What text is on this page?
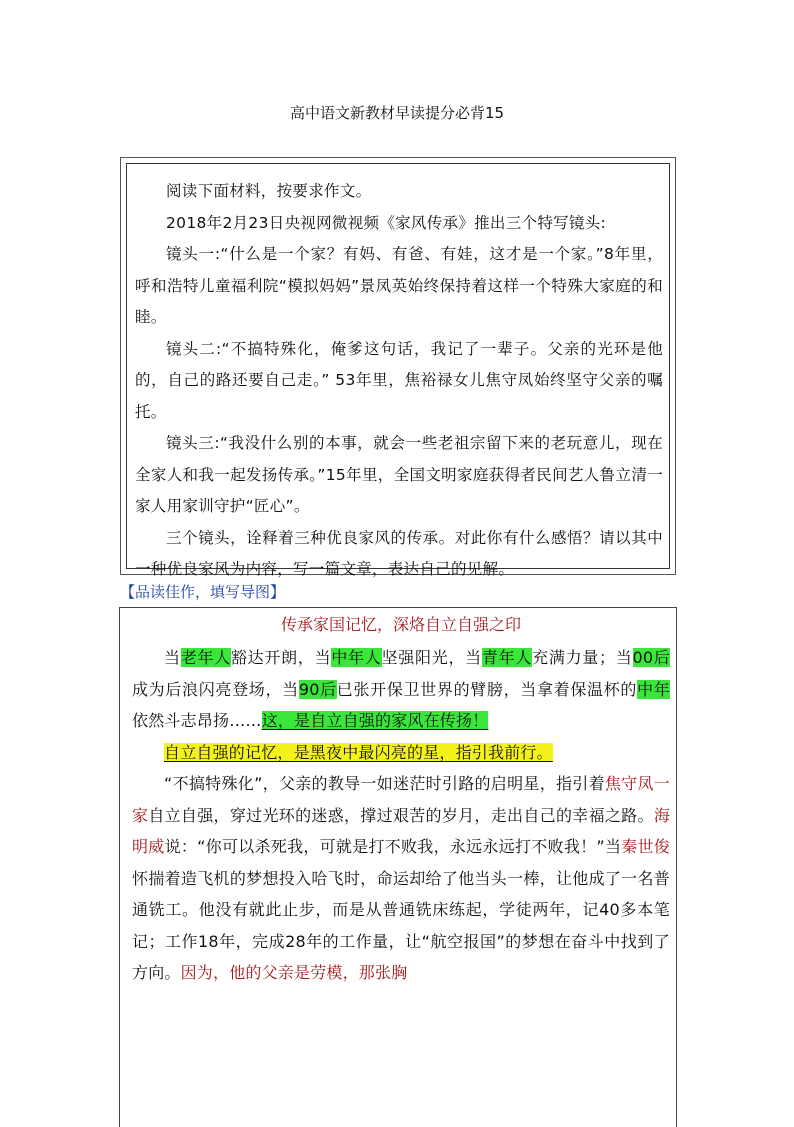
高中语文新教材早读提分必背15

阅读下面材料，按要求作文。

2018年2月23日央视网微视频《家风传承》推出三个特写镜头:

镜头一:“什么是一个家？有妈、有爸、有娃，这才是一个家。”8年里，呼和浩特儿童福利院“模拟妈妈”景凤英始终保持着这样一个特殊大家庭的和睦。

镜头二:“不搞特殊化，俺爹这句话，我记了一辈子。父亲的光环是他的，自己的路还要自己走。” 53年里，焦裕禄女儿焦守凤始终坚守父亲的嘱托。

镜头三:“我没什么别的本事，就会一些老祖宗留下来的老玩意儿，现在全家人和我一起发扬传承。”15年里，全国文明家庭获得者民间艺人鲁立清一家人用家训守护“匠心”。

三个镜头，诠释着三种优良家风的传承。对此你有什么感悟？请以其中一种优良家风为内容，写一篇文章，表达自己的见解。

【品读佳作，填写导图】
传承家国记忆，深烙自立自强之印

当老年人豁达开朗，当中年人坚强阳光，当青年人充满力量；当00后成为后浪闪亮登场，当90后已张开保卫世界的臂膀，当拿着保温杯的中年依然斗志昂扬……这，是自立自强的家风在传扬！

自立自强的记忆，是黑夜中最闪亮的星，指引我前行。

“不搞特殊化”，父亲的教导一如迷茫时引路的启明星，指引着焦守凤一家自立自强，穿过光环的迷惑，撑过艰苦的岁月，走出自己的幸福之路。海明威说：“你可以杀死我，可就是打不败我，永远永远打不败我！”当秦世俊怀揣着造飞机的梦想投入哈飞时，命运却给了他当头一棒，让他成了一名普通铣工。他没有就此止步，而是从普通铣床练起，学徒两年，记40多本笔记；工作18年，完成28年的工作量，让“航空报国”的梦想在奋斗中找到了方向。因为，他的父亲是劳模，那张胸
